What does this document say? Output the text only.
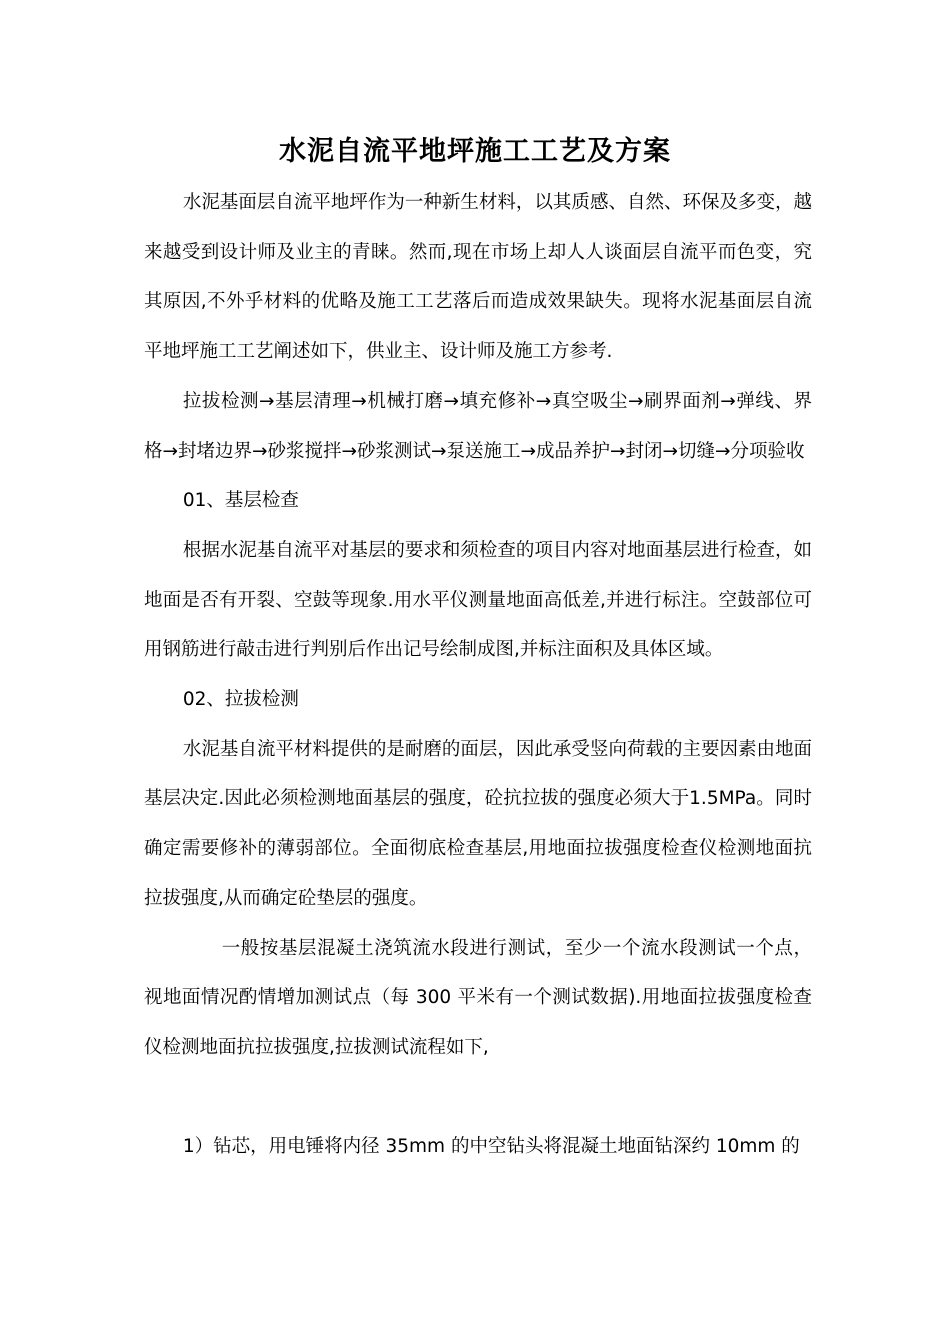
水泥自流平地坪施工工艺及方案

水泥基面层自流平地坪作为一种新生材料，以其质感、自然、环保及多变，越来越受到设计师及业主的青睐。然而,现在市场上却人人谈面层自流平而色变，究其原因,不外乎材料的优略及施工工艺落后而造成效果缺失。现将水泥基面层自流平地坪施工工艺阐述如下，供业主、设计师及施工方参考.

拉拔检测→基层清理→机械打磨→填充修补→真空吸尘→刷界面剂→弹线、界格→封堵边界→砂浆搅拌→砂浆测试→泵送施工→成品养护→封闭→切缝→分项验收

01、基层检查

根据水泥基自流平对基层的要求和须检查的项目内容对地面基层进行检查，如地面是否有开裂、空鼓等现象.用水平仪测量地面高低差,并进行标注。空鼓部位可用钢筋进行敲击进行判别后作出记号绘制成图,并标注面积及具体区域。

02、拉拔检测

水泥基自流平材料提供的是耐磨的面层，因此承受竖向荷载的主要因素由地面基层决定.因此必须检测地面基层的强度，砼抗拉拔的强度必须大于1.5MPa。同时确定需要修补的薄弱部位。全面彻底检查基层,用地面拉拔强度检查仪检测地面抗拉拔强度,从而确定砼垫层的强度。

一般按基层混凝土浇筑流水段进行测试，至少一个流水段测试一个点，视地面情况酌情增加测试点（每 300 平米有一个测试数据).用地面拉拔强度检查仪检测地面抗拉拔强度,拉拔测试流程如下,

1）钻芯，用电锤将内径 35mm 的中空钻头将混凝土地面钻深约 10mm 的
